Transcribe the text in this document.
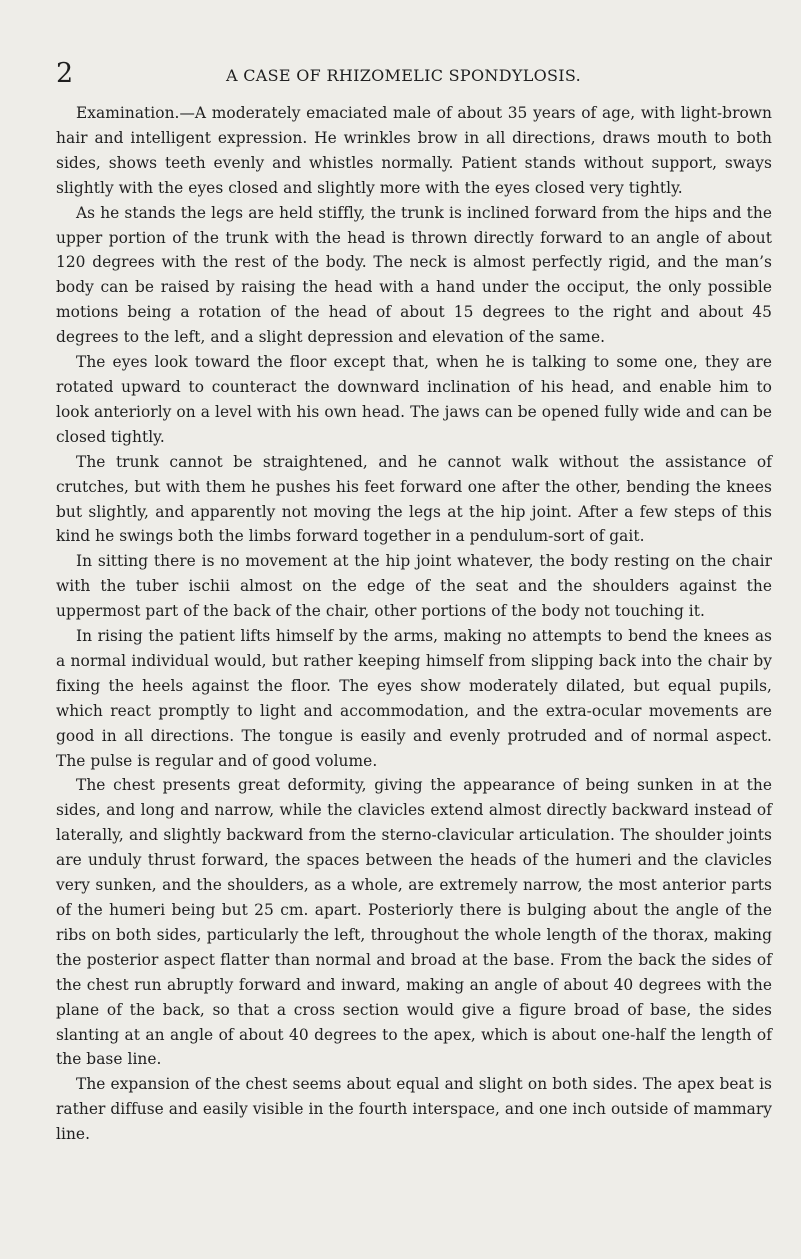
2	A CASE OF RHIZOMELIC SPONDYLOSIS.

Examination.—A moderately emaciated male of about 35 years of age, with light-brown hair and intelligent expression. He wrinkles brow in all directions, draws mouth to both sides, shows teeth evenly and whistles normally. Patient stands without support, sways slightly with the eyes closed and slightly more with the eyes closed very tightly.

As he stands the legs are held stiffly, the trunk is inclined forward from the hips and the upper portion of the trunk with the head is thrown directly forward to an angle of about 120 degrees with the rest of the body. The neck is almost perfectly rigid, and the man’s body can be raised by raising the head with a hand under the occiput, the only possible motions being a rotation of the head of about 15 degrees to the right and about 45 degrees to the left, and a slight depression and elevation of the same.

The eyes look toward the floor except that, when he is talking to some one, they are rotated upward to counteract the downward inclination of his head, and enable him to look anteriorly on a level with his own head. The jaws can be opened fully wide and can be closed tightly.

The trunk cannot be straightened, and he cannot walk without the assistance of crutches, but with them he pushes his feet forward one after the other, bending the knees but slightly, and apparently not moving the legs at the hip joint. After a few steps of this kind he swings both the limbs forward together in a pendulum-sort of gait.

In sitting there is no movement at the hip joint whatever, the body resting on the chair with the tuber ischii almost on the edge of the seat and the shoulders against the uppermost part of the back of the chair, other portions of the body not touching it.

In rising the patient lifts himself by the arms, making no attempts to bend the knees as a normal individual would, but rather keeping himself from slipping back into the chair by fixing the heels against the floor. The eyes show moderately dilated, but equal pupils, which react promptly to light and accommodation, and the extra-ocular movements are good in all directions. The tongue is easily and evenly protruded and of normal aspect. The pulse is regular and of good volume.

The chest presents great deformity, giving the appearance of being sunken in at the sides, and long and narrow, while the clavicles extend almost directly backward instead of laterally, and slightly backward from the sterno-clavicular articulation. The shoulder joints are unduly thrust forward, the spaces between the heads of the humeri and the clavicles very sunken, and the shoulders, as a whole, are extremely narrow, the most anterior parts of the humeri being but 25 cm. apart. Posteriorly there is bulging about the angle of the ribs on both sides, particularly the left, throughout the whole length of the thorax, making the posterior aspect flatter than normal and broad at the base. From the back the sides of the chest run abruptly forward and inward, making an angle of about 40 degrees with the plane of the back, so that a cross section would give a figure broad of base, the sides slanting at an angle of about 40 degrees to the apex, which is about one-half the length of the base line.

The expansion of the chest seems about equal and slight on both sides. The apex beat is rather diffuse and easily visible in the fourth interspace, and one inch outside of mammary line.
